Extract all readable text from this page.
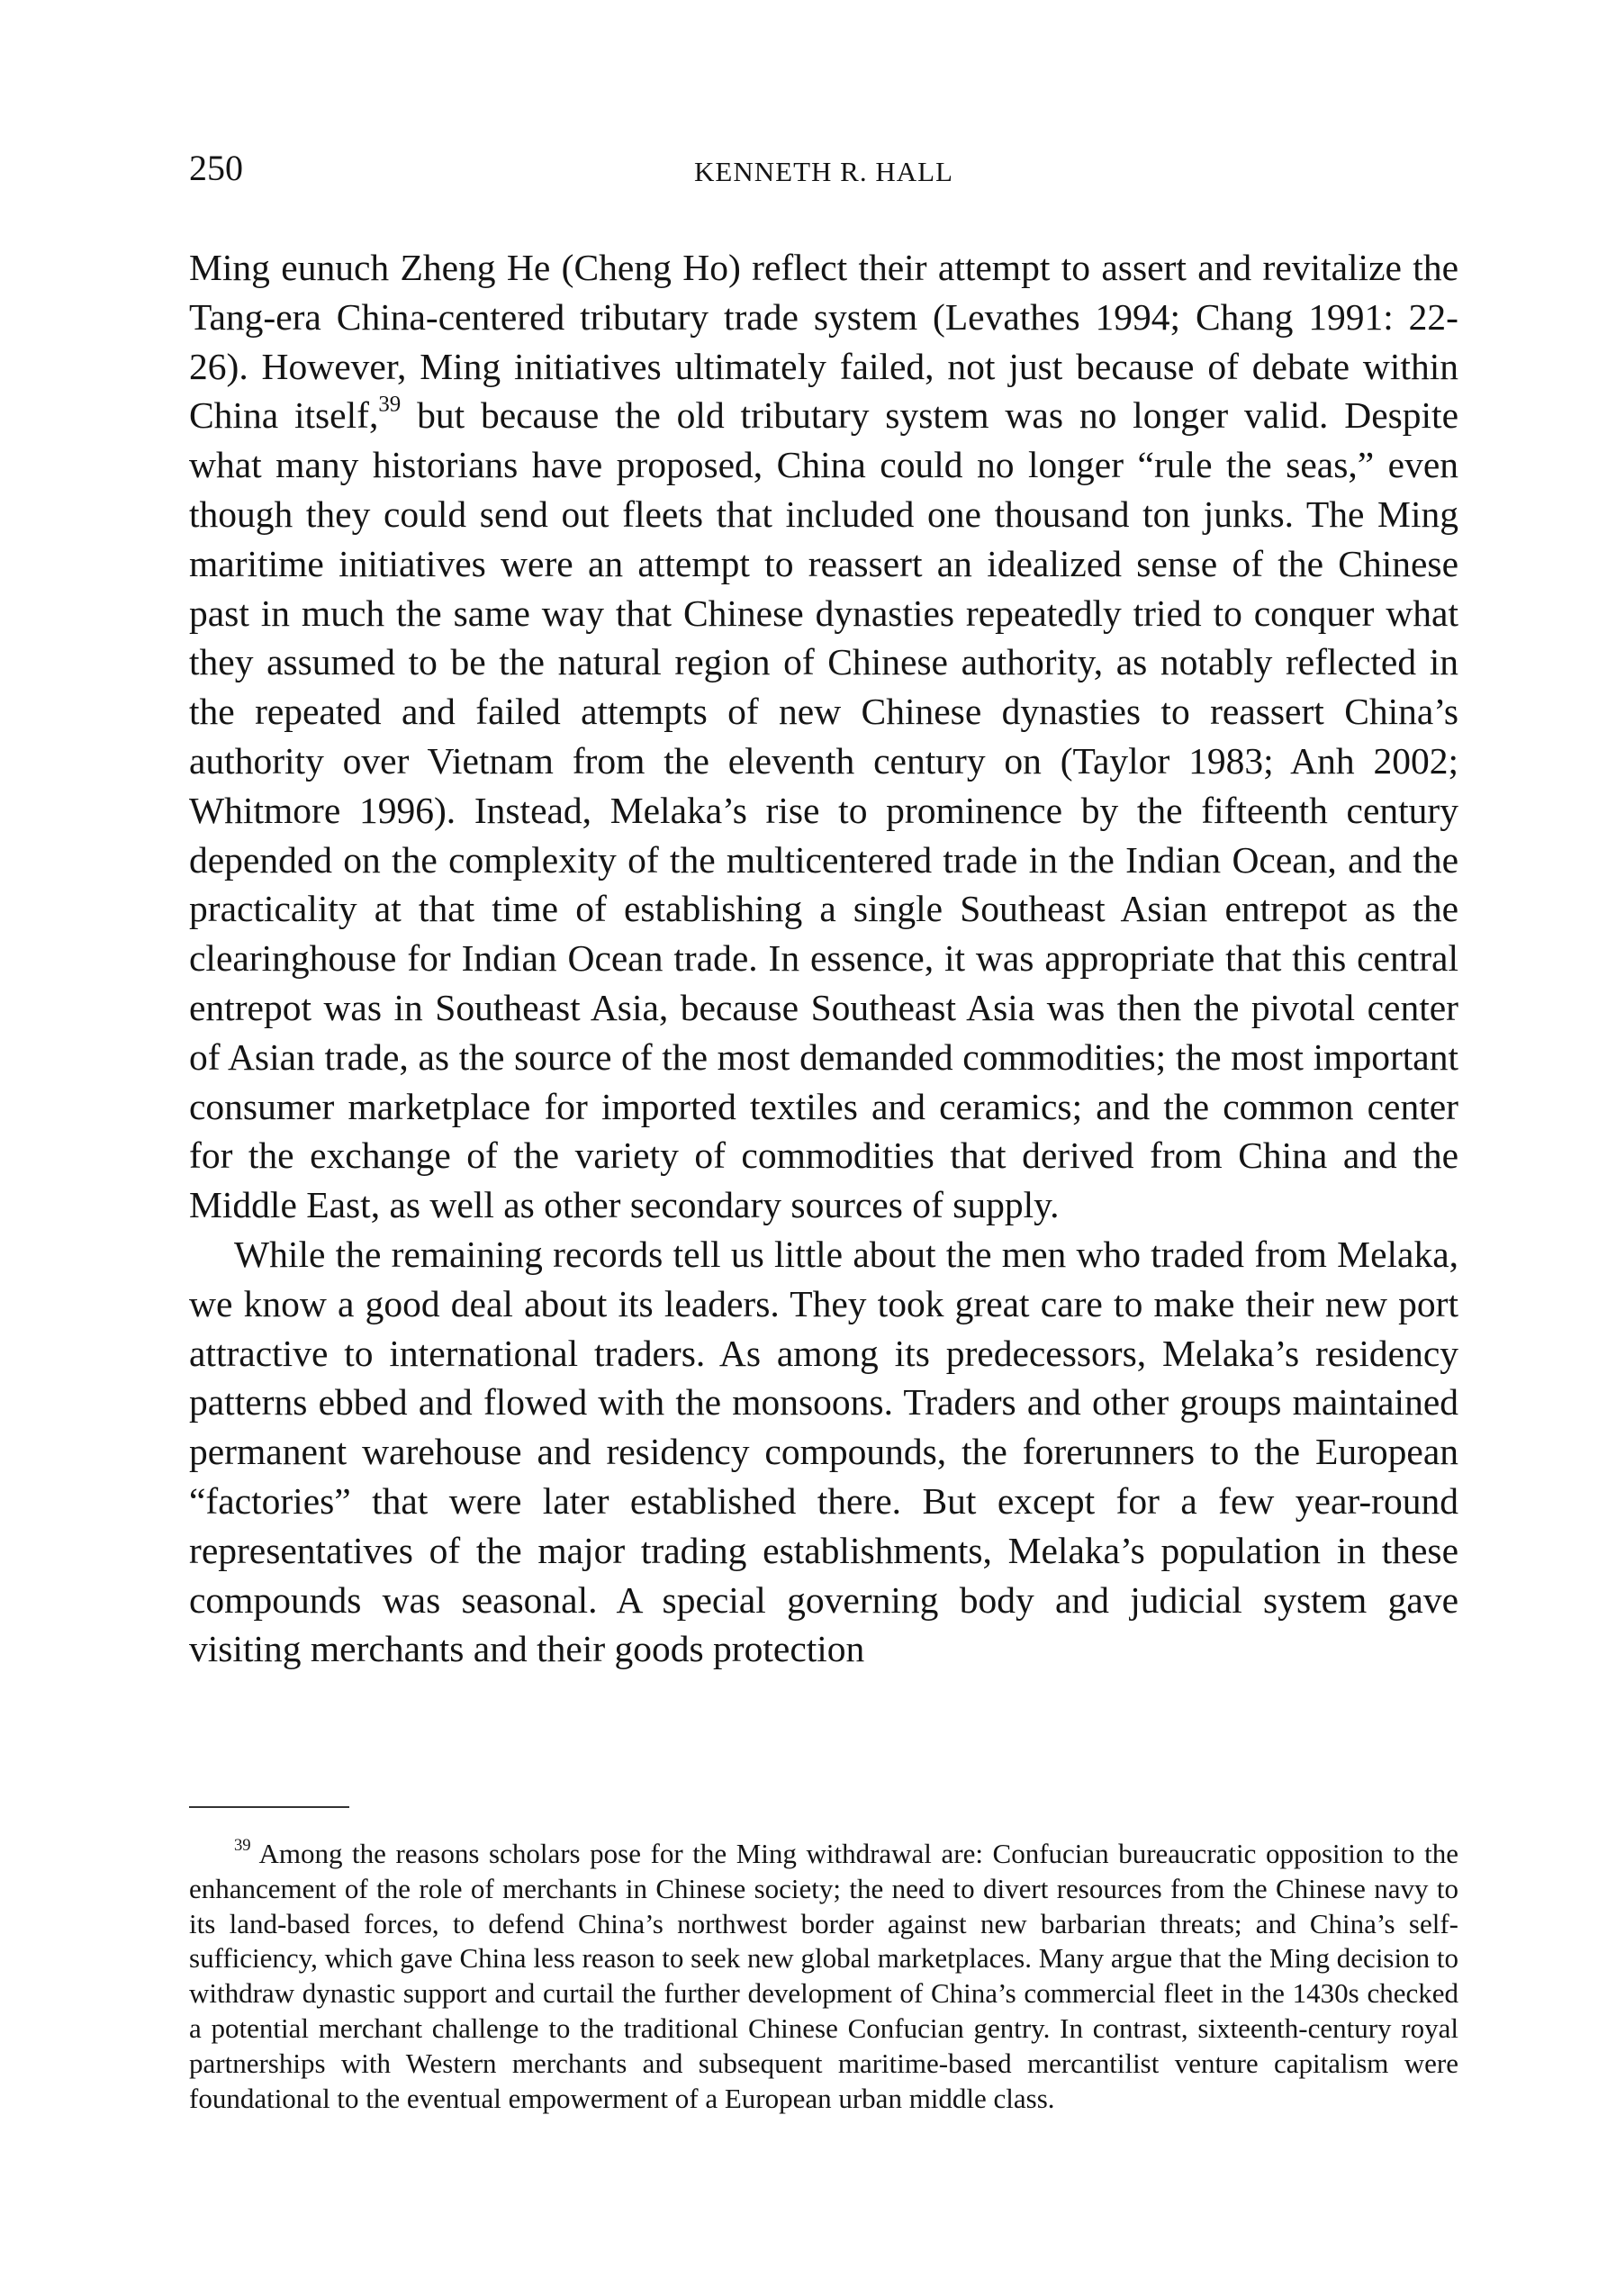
250	KENNETH R. HALL

Ming eunuch Zheng He (Cheng Ho) reflect their attempt to assert and revitalize the Tang-era China-centered tributary trade system (Levathes 1994; Chang 1991: 22-26). However, Ming initiatives ultimately failed, not just because of debate within China itself,$^{39}$ but because the old tributary system was no longer valid. Despite what many historians have proposed, China could no longer “rule the seas,” even though they could send out fleets that included one thousand ton junks. The Ming maritime initiatives were an attempt to reassert an idealized sense of the Chinese past in much the same way that Chinese dynasties repeatedly tried to conquer what they assumed to be the natural region of Chinese authority, as notably reflected in the repeated and failed attempts of new Chinese dynasties to reassert China’s authority over Vietnam from the eleventh century on (Taylor 1983; Anh 2002; Whitmore 1996). Instead, Melaka’s rise to prominence by the fifteenth century depended on the complexity of the multicentered trade in the Indian Ocean, and the practicality at that time of establishing a single Southeast Asian entrepot as the clearinghouse for Indian Ocean trade. In essence, it was appropriate that this central entrepot was in Southeast Asia, because Southeast Asia was then the pivotal center of Asian trade, as the source of the most demanded commodities; the most important consumer marketplace for imported textiles and ceramics; and the common center for the exchange of the variety of commodities that derived from China and the Middle East, as well as other secondary sources of supply.

While the remaining records tell us little about the men who traded from Melaka, we know a good deal about its leaders. They took great care to make their new port attractive to international traders. As among its predecessors, Melaka’s residency patterns ebbed and flowed with the monsoons. Traders and other groups maintained permanent warehouse and residency compounds, the forerunners to the European “factories” that were later established there. But except for a few year-round representatives of the major trading establishments, Melaka’s population in these compounds was seasonal. A special governing body and judicial system gave visiting merchants and their goods protection

$^{39}$ Among the reasons scholars pose for the Ming withdrawal are: Confucian bureaucratic opposition to the enhancement of the role of merchants in Chinese society; the need to divert resources from the Chinese navy to its land-based forces, to defend China’s northwest border against new barbarian threats; and China’s self-sufficiency, which gave China less reason to seek new global marketplaces. Many argue that the Ming decision to withdraw dynastic support and curtail the further development of China’s commercial fleet in the 1430s checked a potential merchant challenge to the traditional Chinese Confucian gentry. In contrast, sixteenth-century royal partnerships with Western merchants and subsequent maritime-based mercantilist venture capitalism were foundational to the eventual empowerment of a European urban middle class.
